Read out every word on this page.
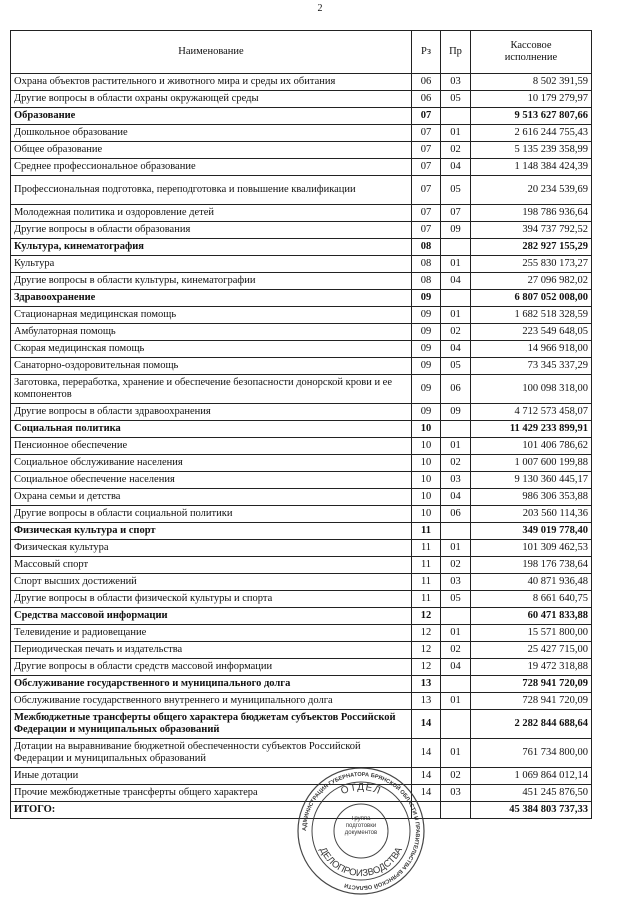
2
Наименование	Рз	Пр	Кассовое
исполнение
Охрана объектов растительного и животного мира и среды их обитания	06	03	8 502 391,59
Другие вопросы в области охраны окружающей среды	06	05	10 179 279,97
Образование	07		9 513 627 807,66
Дошкольное образование	07	01	2 616 244 755,43
Общее образование	07	02	5 135 239 358,99
Среднее профессиональное образование	07	04	1 148 384 424,39
Профессиональная подготовка, переподготовка и повышение квалификации	07	05	20 234 539,69
Молодежная политика и оздоровление детей	07	07	198 786 936,64
Другие вопросы в области образования	07	09	394 737 792,52
Культура, кинематография	08		282 927 155,29
Культура	08	01	255 830 173,27
Другие вопросы в области культуры, кинематографии	08	04	27 096 982,02
Здравоохранение	09		6 807 052 008,00
Стационарная медицинская помощь	09	01	1 682 518 328,59
Амбулаторная помощь	09	02	223 549 648,05
Скорая медицинская помощь	09	04	14 966 918,00
Санаторно-оздоровительная помощь	09	05	73 345 337,29
Заготовка, переработка, хранение и обеспечение безопасности донорской крови и ее компонентов	09	06	100 098 318,00
Другие вопросы в области здравоохранения	09	09	4 712 573 458,07
Социальная политика	10		11 429 233 899,91
Пенсионное обеспечение	10	01	101 406 786,62
Социальное обслуживание населения	10	02	1 007 600 199,88
Социальное обеспечение населения	10	03	9 130 360 445,17
Охрана семьи и детства	10	04	986 306 353,88
Другие вопросы в области социальной политики	10	06	203 560 114,36
Физическая культура и спорт	11		349 019 778,40
Физическая культура	11	01	101 309 462,53
Массовый спорт	11	02	198 176 738,64
Спорт высших достижений	11	03	40 871 936,48
Другие вопросы в области физической культуры и спорта	11	05	8 661 640,75
Средства массовой информации	12		60 471 833,88
Телевидение и радиовещание	12	01	15 571 800,00
Периодическая печать и издательства	12	02	25 427 715,00
Другие вопросы в области средств массовой информации	12	04	19 472 318,88
Обслуживание государственного и муниципального долга	13		728 941 720,09
Обслуживание государственного внутреннего и муниципального долга	13	01	728 941 720,09
Межбюджетные трансферты общего характера бюджетам субъектов Российской Федерации и муниципальных образований	14		2 282 844 688,64
Дотации на выравнивание бюджетной обеспеченности субъектов Российской Федерации и муниципальных образований	14	01	761 734 800,00
Иные дотации	14	02	1 069 864 012,14
Прочие межбюджетные трансферты общего характера	14	03	451 245 876,50
ИТОГО:			45 384 803 737,33
АДМИНИСТРАЦИЯ ГУБЕРНАТОРА БРЯНСКОЙ ОБЛАСТИ И ПРАВИТЕЛЬСТВА БРЯНСКОЙ ОБЛАСТИ
ОТДЕЛ
ДЕЛОПРОИЗВОДСТВА
Группа подготовки документов
